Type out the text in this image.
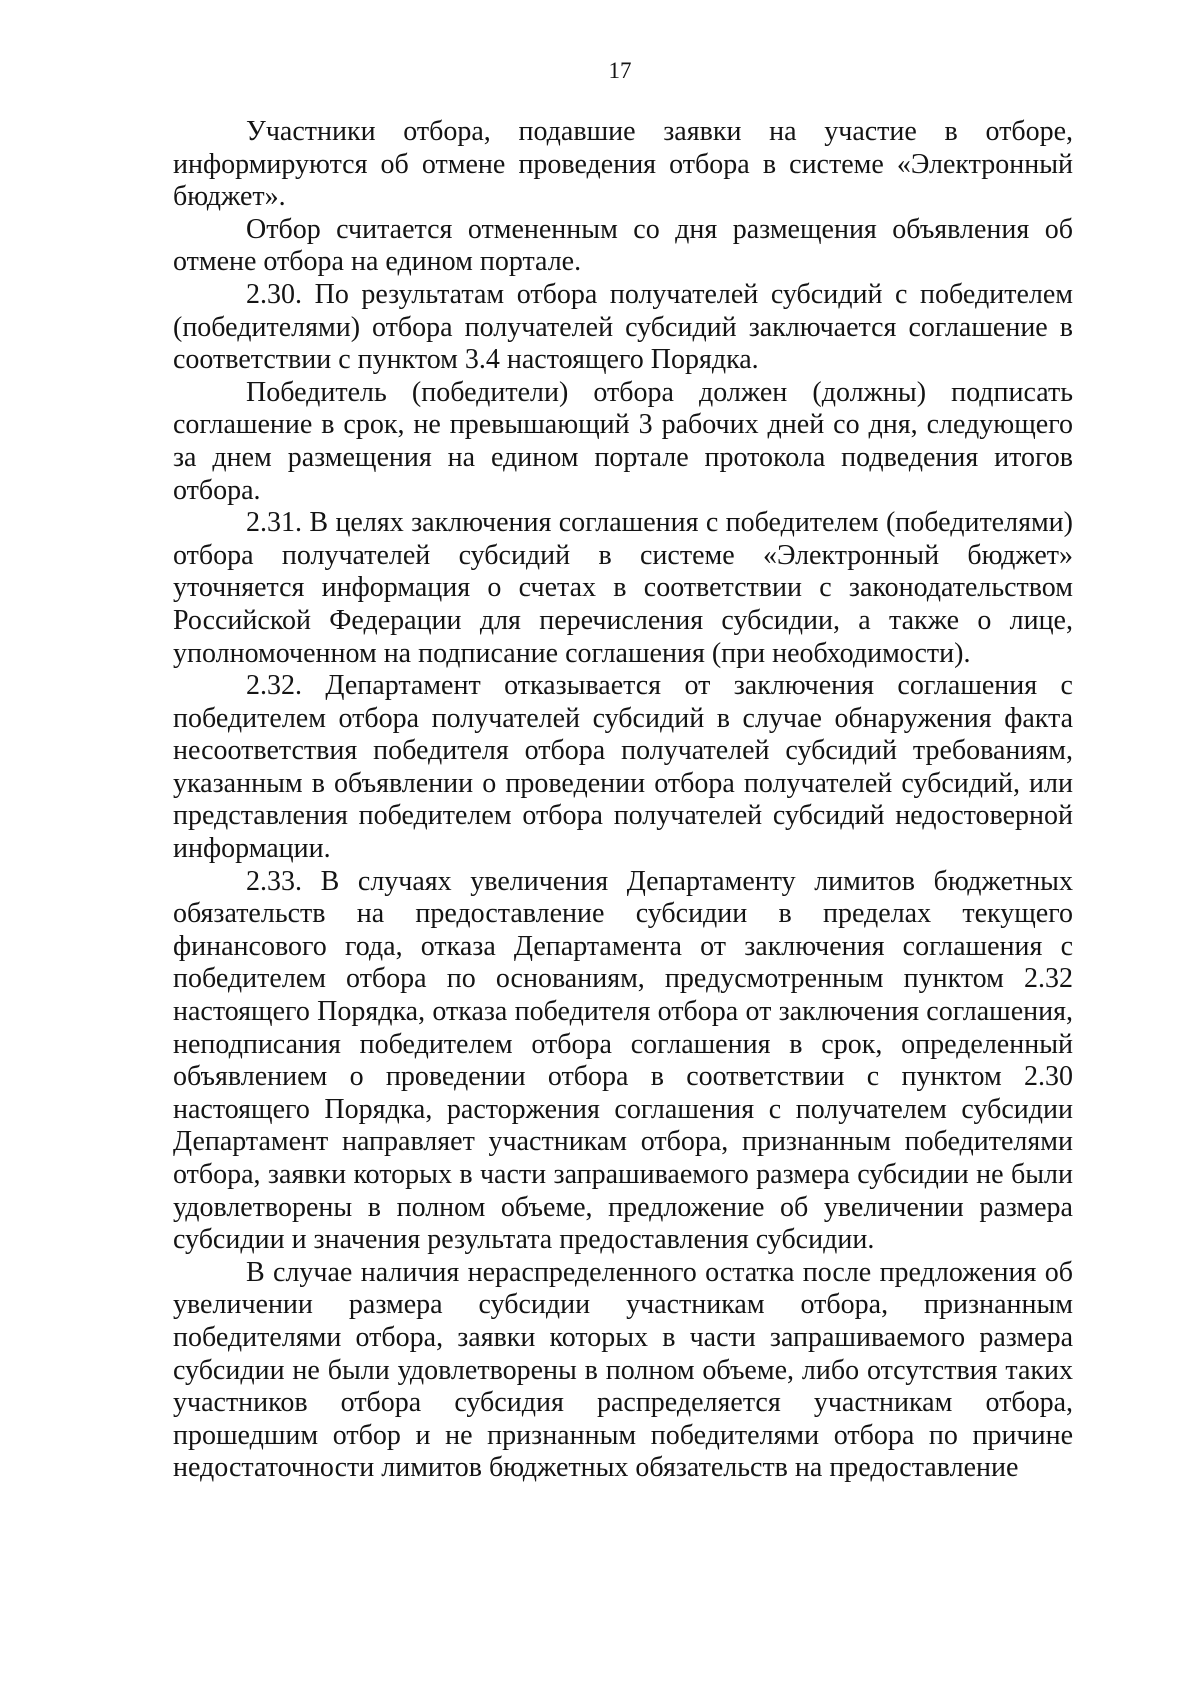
17

Участники отбора, подавшие заявки на участие в отборе, информируются об отмене проведения отбора в системе «Электронный бюджет».

Отбор считается отмененным со дня размещения объявления об отмене отбора на едином портале.

2.30. По результатам отбора получателей субсидий с победителем (победителями) отбора получателей субсидий заключается соглашение в соответствии с пунктом 3.4 настоящего Порядка.

Победитель (победители) отбора должен (должны) подписать соглашение в срок, не превышающий 3 рабочих дней со дня, следующего за днем размещения на едином портале протокола подведения итогов отбора.

2.31. В целях заключения соглашения с победителем (победителями) отбора получателей субсидий в системе «Электронный бюджет» уточняется информация о счетах в соответствии с законодательством Российской Федерации для перечисления субсидии, а также о лице, уполномоченном на подписание соглашения (при необходимости).

2.32. Департамент отказывается от заключения соглашения с победителем отбора получателей субсидий в случае обнаружения факта несоответствия победителя отбора получателей субсидий требованиям, указанным в объявлении о проведении отбора получателей субсидий, или представления победителем отбора получателей субсидий недостоверной информации.

2.33. В случаях увеличения Департаменту лимитов бюджетных обязательств на предоставление субсидии в пределах текущего финансового года, отказа Департамента от заключения соглашения с победителем отбора по основаниям, предусмотренным пунктом 2.32 настоящего Порядка, отказа победителя отбора от заключения соглашения, неподписания победителем отбора соглашения в срок, определенный объявлением о проведении отбора в соответствии с пунктом 2.30 настоящего Порядка, расторжения соглашения с получателем субсидии Департамент направляет участникам отбора, признанным победителями отбора, заявки которых в части запрашиваемого размера субсидии не были удовлетворены в полном объеме, предложение об увеличении размера субсидии и значения результата предоставления субсидии.

В случае наличия нераспределенного остатка после предложения об увеличении размера субсидии участникам отбора, признанным победителями отбора, заявки которых в части запрашиваемого размера субсидии не были удовлетворены в полном объеме, либо отсутствия таких участников отбора субсидия распределяется участникам отбора, прошедшим отбор и не признанным победителями отбора по причине недостаточности лимитов бюджетных обязательств на предоставление
